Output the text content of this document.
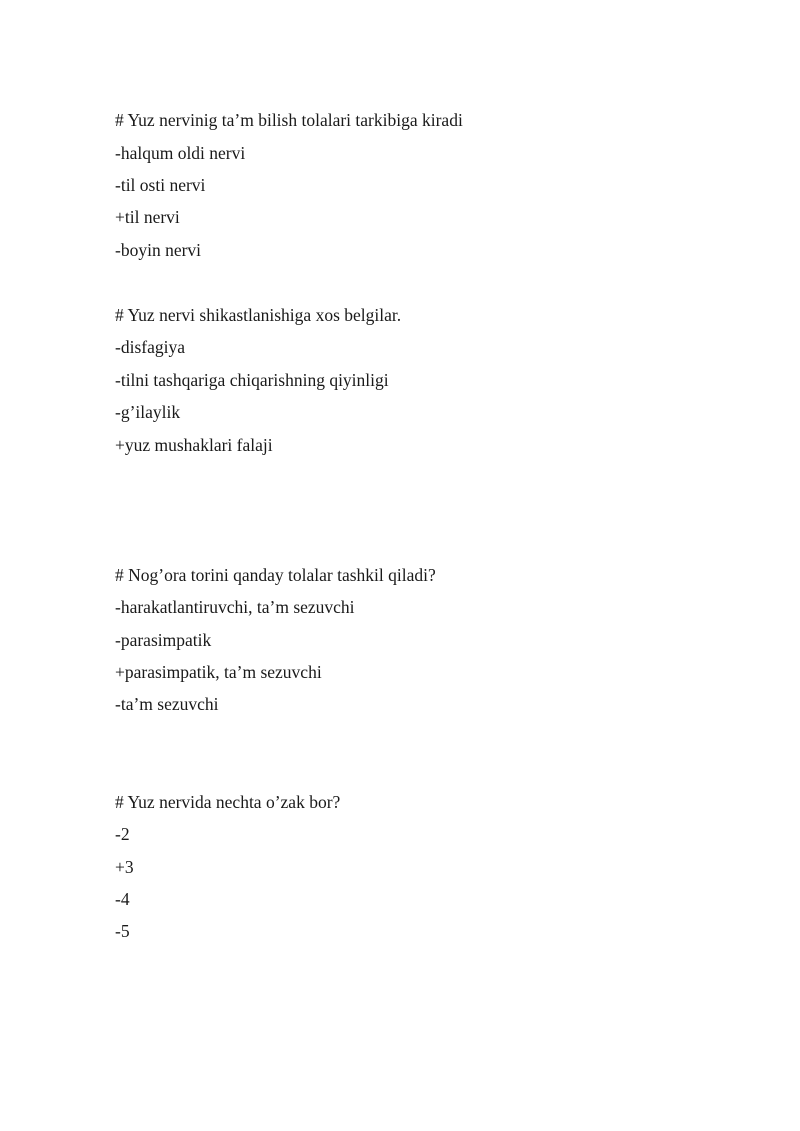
# Yuz nervinig ta’m bilish tolalari tarkibiga kiradi
-halqum oldi nervi
-til osti nervi
+til nervi
-boyin nervi
# Yuz nervi shikastlanishiga xos belgilar.
-disfagiya
-tilni tashqariga chiqarishning qiyinligi
-g’ilaylik
+yuz mushaklari falaji
# Nog’ora torini qanday tolalar tashkil qiladi?
-harakatlantiruvchi, ta’m sezuvchi
-parasimpatik
+parasimpatik, ta’m sezuvchi
-ta’m sezuvchi
# Yuz nervida nechta o’zak bor?
-2
+3
-4
-5
